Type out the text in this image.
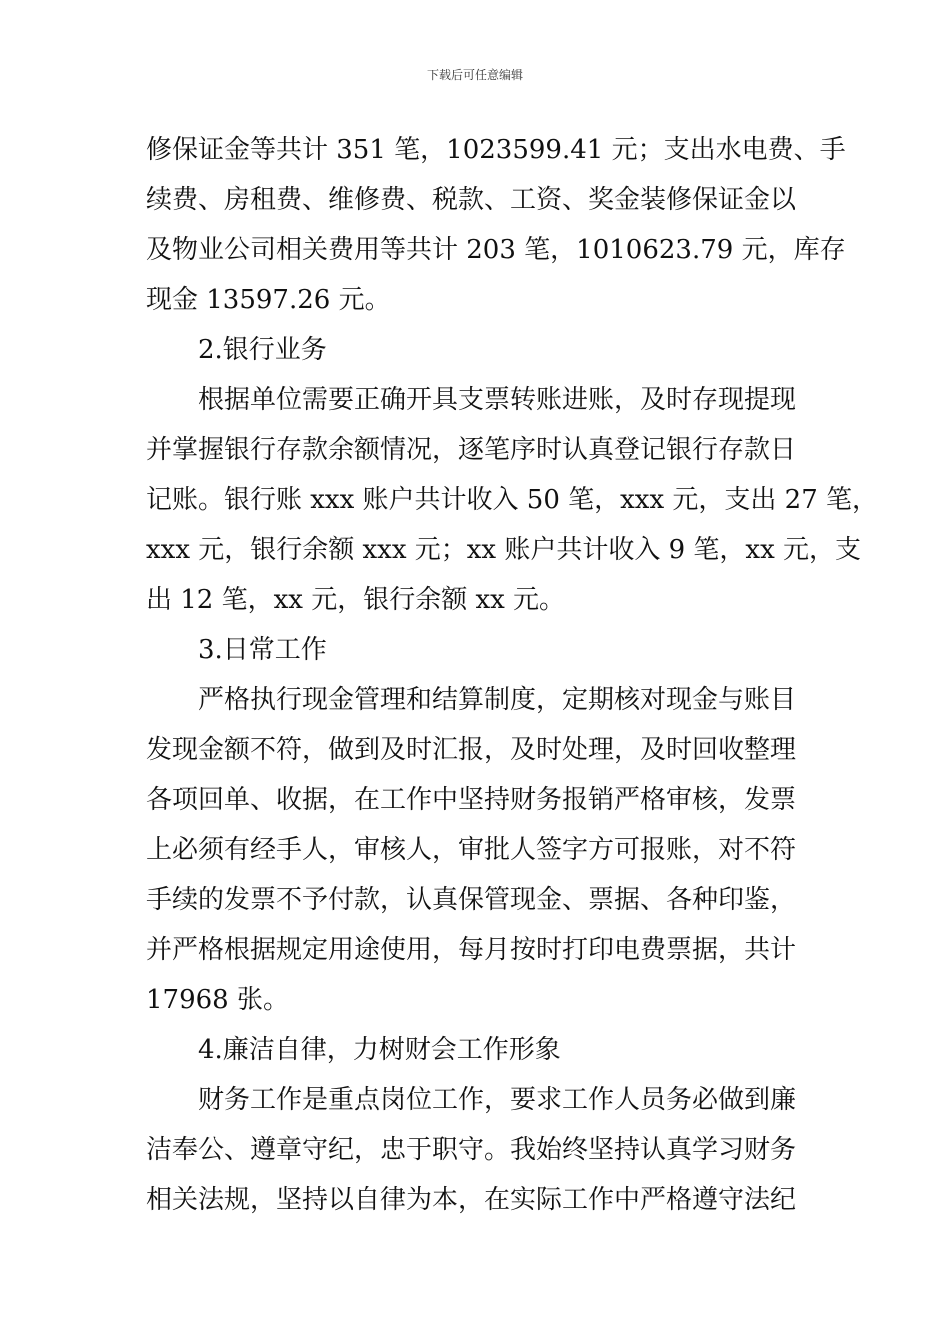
下载后可任意编辑
修保证金等共计 351 笔，1023599.41 元；支出水电费、手
续费、房租费、维修费、税款、工资、奖金装修保证金以
及物业公司相关费用等共计 203 笔，1010623.79 元，库存
现金 13597.26 元。
2.银行业务
根据单位需要正确开具支票转账进账，及时存现提现
并掌握银行存款余额情况，逐笔序时认真登记银行存款日
记账。银行账 xxx 账户共计收入 50 笔，xxx 元，支出 27 笔，
xxx 元，银行余额 xxx 元；xx 账户共计收入 9 笔，xx 元，支
出 12 笔，xx 元，银行余额 xx 元。
3.日常工作
严格执行现金管理和结算制度，定期核对现金与账目
发现金额不符，做到及时汇报，及时处理，及时回收整理
各项回单、收据，在工作中坚持财务报销严格审核，发票
上必须有经手人，审核人，审批人签字方可报账，对不符
手续的发票不予付款，认真保管现金、票据、各种印鉴，
并严格根据规定用途使用，每月按时打印电费票据，共计
17968 张。
4.廉洁自律，力树财会工作形象
财务工作是重点岗位工作，要求工作人员务必做到廉
洁奉公、遵章守纪，忠于职守。我始终坚持认真学习财务
相关法规，坚持以自律为本，在实际工作中严格遵守法纪
